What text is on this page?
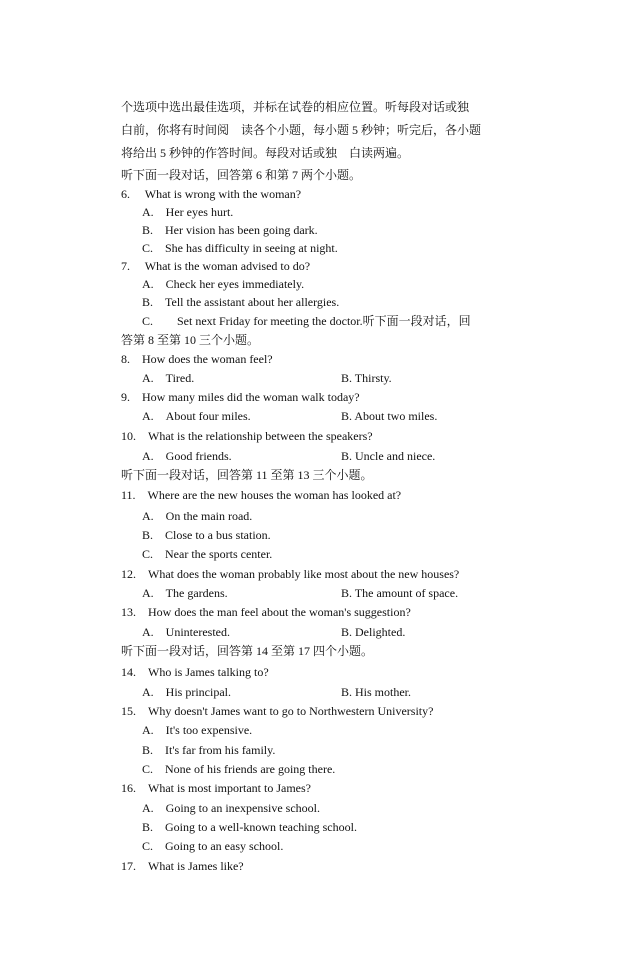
个选项中选出最佳选项，并标在试卷的相应位置。听每段对话或独
白前，你将有时间阅　读各个小题，每小题 5 秒钟；听完后，各小题
将给出 5 秒钟的作答时间。每段对话或独　白读两遍。
听下面一段对话，回答第 6 和第 7 两个小题。
6.　 What is wrong with the woman?
A.　Her eyes hurt.
B.　Her vision has been going dark.
C.　She has difficulty in seeing at night.
7.　 What is the woman advised to do?
A.　Check her eyes immediately.
B.　Tell the assistant about her allergies.
C.　　Set next Friday for meeting the doctor.听下面一段对话，回
答第 8 至第 10 三个小题。
8.　How does the woman feel?
A.　Tired.	B. Thirsty.
9.　How many miles did the woman walk today?
A.　About four miles.	B. About two miles.
10.　What is the relationship between the speakers?
A.　Good friends.	B. Uncle and niece.
听下面一段对话，回答第 11 至第 13 三个小题。
11.　Where are the new houses the woman has looked at?
A.　On the main road.
B.　Close to a bus station.
C.　Near the sports center.
12.　What does the woman probably like most about the new houses?
A.　The gardens.	B. The amount of space.
13.　How does the man feel about the woman's suggestion?
A.　Uninterested.	B. Delighted.
听下面一段对话，回答第 14 至第 17 四个小题。
14.　Who is James talking to?
A.　His principal.	B. His mother.
15.　Why doesn't James want to go to Northwestern University?
A.　It's too expensive.
B.　It's far from his family.
C.　None of his friends are going there.
16.　What is most important to James?
A.　Going to an inexpensive school.
B.　Going to a well-known teaching school.
C.　Going to an easy school.
17.　What is James like?
